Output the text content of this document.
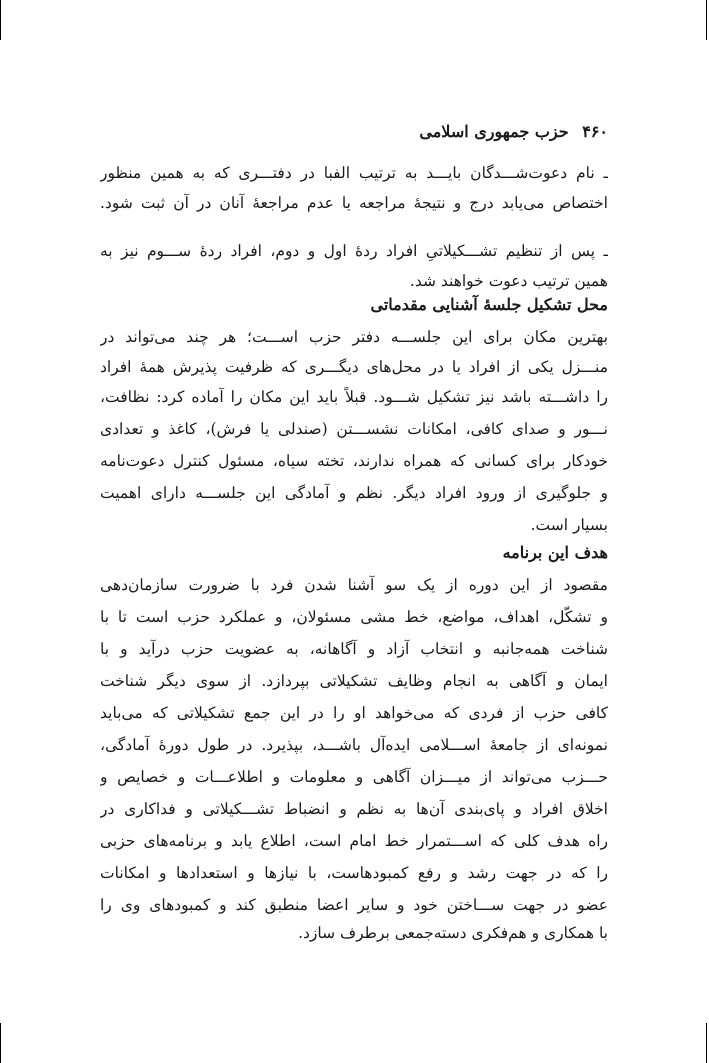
۴۶۰ حزب جمهوری اسلامی
ـ نام دعوت‌شـــدگان بایـــد به ترتیب الفبا در دفتـــری که به همین منظور
اختصاص می‌یابد درج و نتیجهٔ مراجعه یا عدم مراجعهٔ آنان در آن ثبت شود.
ـ پس از تنظیم تشـــکیلاتیِ افراد ردهٔ اول و دوم، افراد ردهٔ ســـوم نیز به
همین ترتیب دعوت خواهند شد.
محل تشکیل جلسهٔ آشنایی مقدماتی
بهترین مکان برای این جلســـه دفتر حزب اســـت؛ هر چند می‌تواند در
منـــزل یکی از افراد یا در محل‌های دیگـــری که ظرفیت پذیرش همهٔ افراد
را داشـــته باشد نیز تشکیل شـــود. قبلاً باید این مکان را آماده کرد: نظافت،
نـــور و صدای کافی، امکانات نشســـتن (صندلی یا فرش)، کاغذ و تعدادی
خودکار برای کسانی که همراه ندارند، تخته سیاه، مسئول کنترل دعوت‌نامه
و جلوگیری از ورود افراد دیگر. نظم و آمادگی این جلســـه دارای اهمیت
بسیار است.
هدف این برنامه
مقصود از این دوره از یک سو آشنا شدن فرد با ضرورت سازمان‌دهی
و تشکّل، اهداف، مواضع، خط مشی مسئولان، و عملکرد حزب است تا با
شناخت همه‌جانبه و انتخاب آزاد و آگاهانه، به عضویت حزب درآید و با
ایمان و آگاهی به انجام وظایف تشکیلاتی بپردازد. از سوی دیگر شناخت
کافی حزب از فردی که می‌خواهد او را در این جمع تشکیلاتی که می‌باید
نمونه‌ای از جامعهٔ اســـلامی ایده‌آل باشـــد، بپذیرد. در طول دورهٔ آمادگی،
حـــزب می‌تواند از میـــزان آگاهی و معلومات و اطلاعـــات و خصایص و
اخلاق افراد و پای‌بندی آن‌ها به نظم و انضباط تشـــکیلاتی و فداکاری در
راه هدف کلی که اســـتمرار خط امام است، اطلاع یابد و برنامه‌های حزبی
را که در جهت رشد و رفع کمبودهاست، با نیازها و استعدادها و امکانات
عضو در جهت ســـاختن خود و سایر اعضا منطبق کند و کمبودهای وی را
با همکاری و هم‌فکری دسته‌جمعی برطرف سازد.
